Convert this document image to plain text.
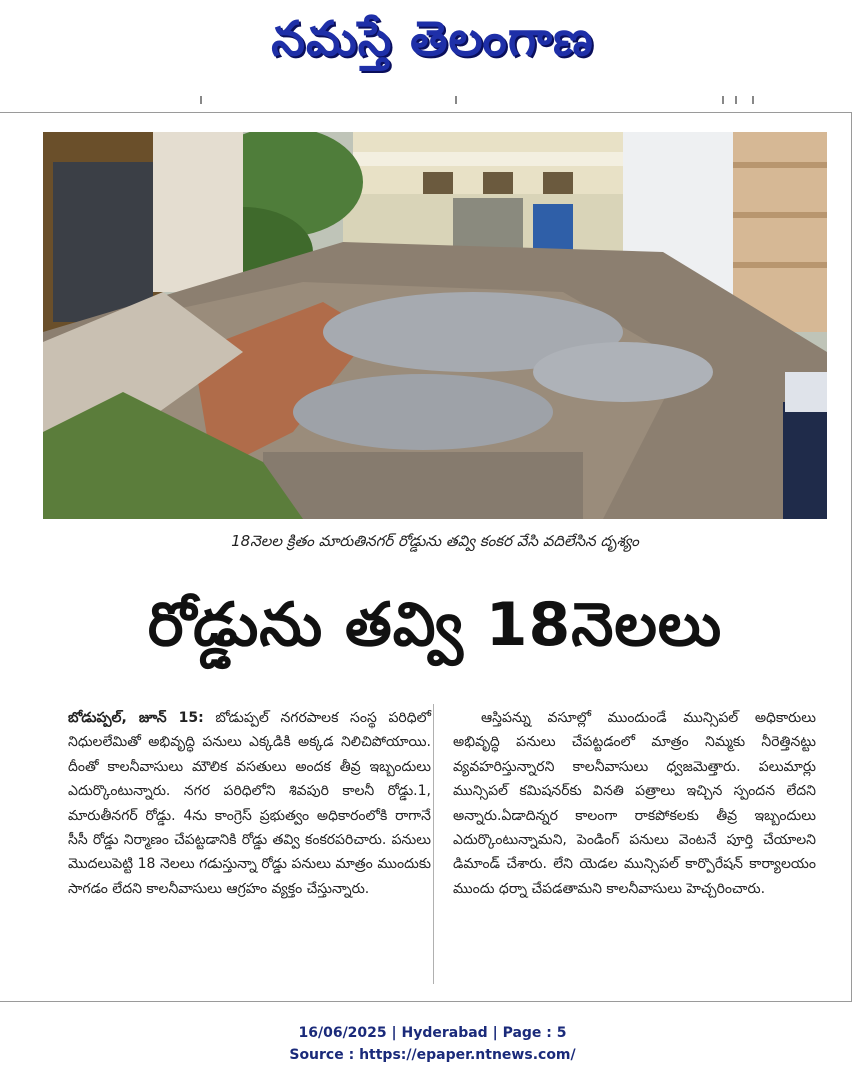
నమస్తే తెలంగాణ
18నెలల క్రితం మారుతినగర్ రోడ్డును తవ్వి కంకర వేసి వదిలేసిన దృశ్యం
రోడ్డును తవ్వి 18నెలలు
బోడుప్పల్, జూన్ 15: బోడుప్పల్ నగరపాలక సంస్థ పరిధిలో నిధులలేమితో అభివృద్ధి పనులు ఎక్కడికి అక్కడ నిలిచిపోయాయి. దీంతో కాలనీవాసులు మౌలిక వసతులు అందక తీవ్ర ఇబ్బందులు ఎదుర్కొంటున్నారు. నగర పరిధిలోని శివపురి కాలనీ రోడ్డు.1, మారుతీనగర్ రోడ్డు. 4ను కాంగ్రెస్ ప్రభుత్వం అధికారంలోకి రాగానే సీసీ రోడ్డు నిర్మాణం చేపట్టడానికి రోడ్డు తవ్వి కంకరపరిచారు. పనులు మొదలుపెట్టి 18 నెలలు గడుస్తున్నా రోడ్డు పనులు మాత్రం ముందుకు సాగడం లేదని కాలనీవాసులు ఆగ్రహం వ్యక్తం చేస్తున్నారు.
ఆస్తిపన్ను వసూల్లో ముందుండే మున్సిపల్ అధికారులు అభివృద్ధి పనులు చేపట్టడంలో మాత్రం నిమ్మకు నీరెత్తినట్టు వ్యవహరిస్తున్నారని కాలనీవాసులు ధ్వజమెత్తారు. పలుమార్లు మున్సిపల్ కమిషనర్‌కు వినతి పత్రాలు ఇచ్చిన స్పందన లేదని అన్నారు.ఏడాదిన్నర కాలంగా రాకపోకలకు తీవ్ర ఇబ్బందులు ఎదుర్కొంటున్నామని, పెండింగ్ పనులు వెంటనే పూర్తి చేయాలని డిమాండ్ చేశారు. లేని యెడల మున్సిపల్ కార్పొరేషన్ కార్యాలయం ముందు ధర్నా చేపడతామని కాలనీవాసులు హెచ్చరించారు.
16/06/2025 | Hyderabad | Page : 5
Source : https://epaper.ntnews.com/
